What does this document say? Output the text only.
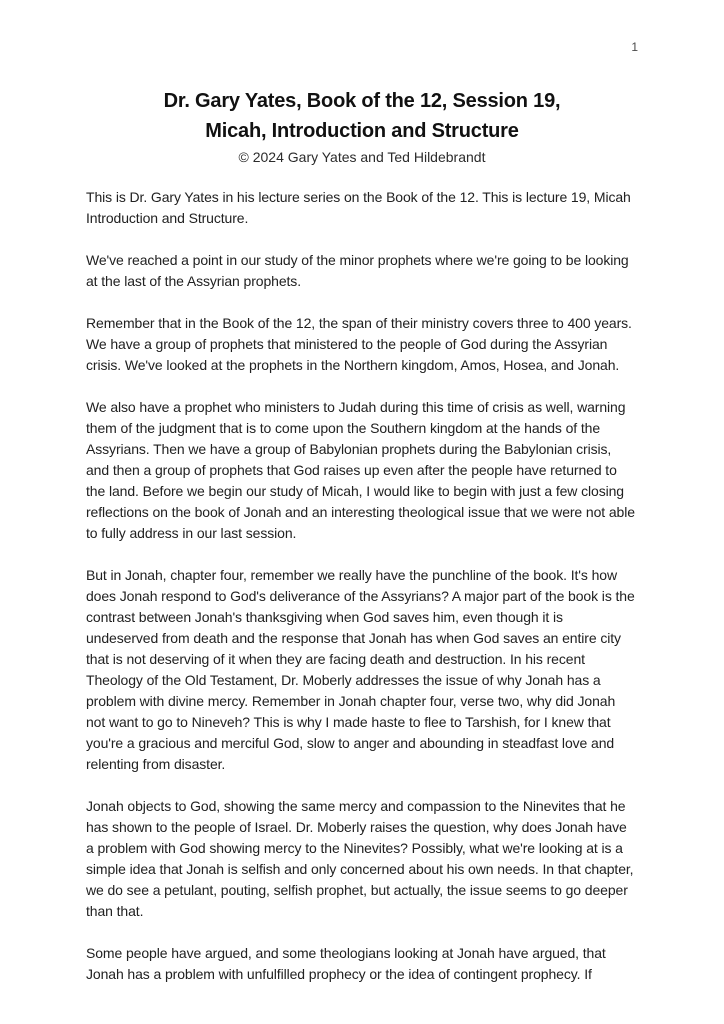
1
Dr. Gary Yates, Book of the 12, Session 19,
Micah, Introduction and Structure

© 2024 Gary Yates and Ted Hildebrandt

This is Dr. Gary Yates in his lecture series on the Book of the 12. This is lecture 19, Micah Introduction and Structure.

We've reached a point in our study of the minor prophets where we're going to be looking at the last of the Assyrian prophets.

Remember that in the Book of the 12, the span of their ministry covers three to 400 years. We have a group of prophets that ministered to the people of God during the Assyrian crisis. We've looked at the prophets in the Northern kingdom, Amos, Hosea, and Jonah.

We also have a prophet who ministers to Judah during this time of crisis as well, warning them of the judgment that is to come upon the Southern kingdom at the hands of the Assyrians. Then we have a group of Babylonian prophets during the Babylonian crisis, and then a group of prophets that God raises up even after the people have returned to the land. Before we begin our study of Micah, I would like to begin with just a few closing reflections on the book of Jonah and an interesting theological issue that we were not able to fully address in our last session.

But in Jonah, chapter four, remember we really have the punchline of the book. It's how does Jonah respond to God's deliverance of the Assyrians? A major part of the book is the contrast between Jonah's thanksgiving when God saves him, even though it is undeserved from death and the response that Jonah has when God saves an entire city that is not deserving of it when they are facing death and destruction. In his recent Theology of the Old Testament, Dr. Moberly addresses the issue of why Jonah has a problem with divine mercy. Remember in Jonah chapter four, verse two, why did Jonah not want to go to Nineveh? This is why I made haste to flee to Tarshish, for I knew that you're a gracious and merciful God, slow to anger and abounding in steadfast love and relenting from disaster.

Jonah objects to God, showing the same mercy and compassion to the Ninevites that he has shown to the people of Israel. Dr. Moberly raises the question, why does Jonah have a problem with God showing mercy to the Ninevites? Possibly, what we're looking at is a simple idea that Jonah is selfish and only concerned about his own needs. In that chapter, we do see a petulant, pouting, selfish prophet, but actually, the issue seems to go deeper than that.

Some people have argued, and some theologians looking at Jonah have argued, that Jonah has a problem with unfulfilled prophecy or the idea of contingent prophecy. If
